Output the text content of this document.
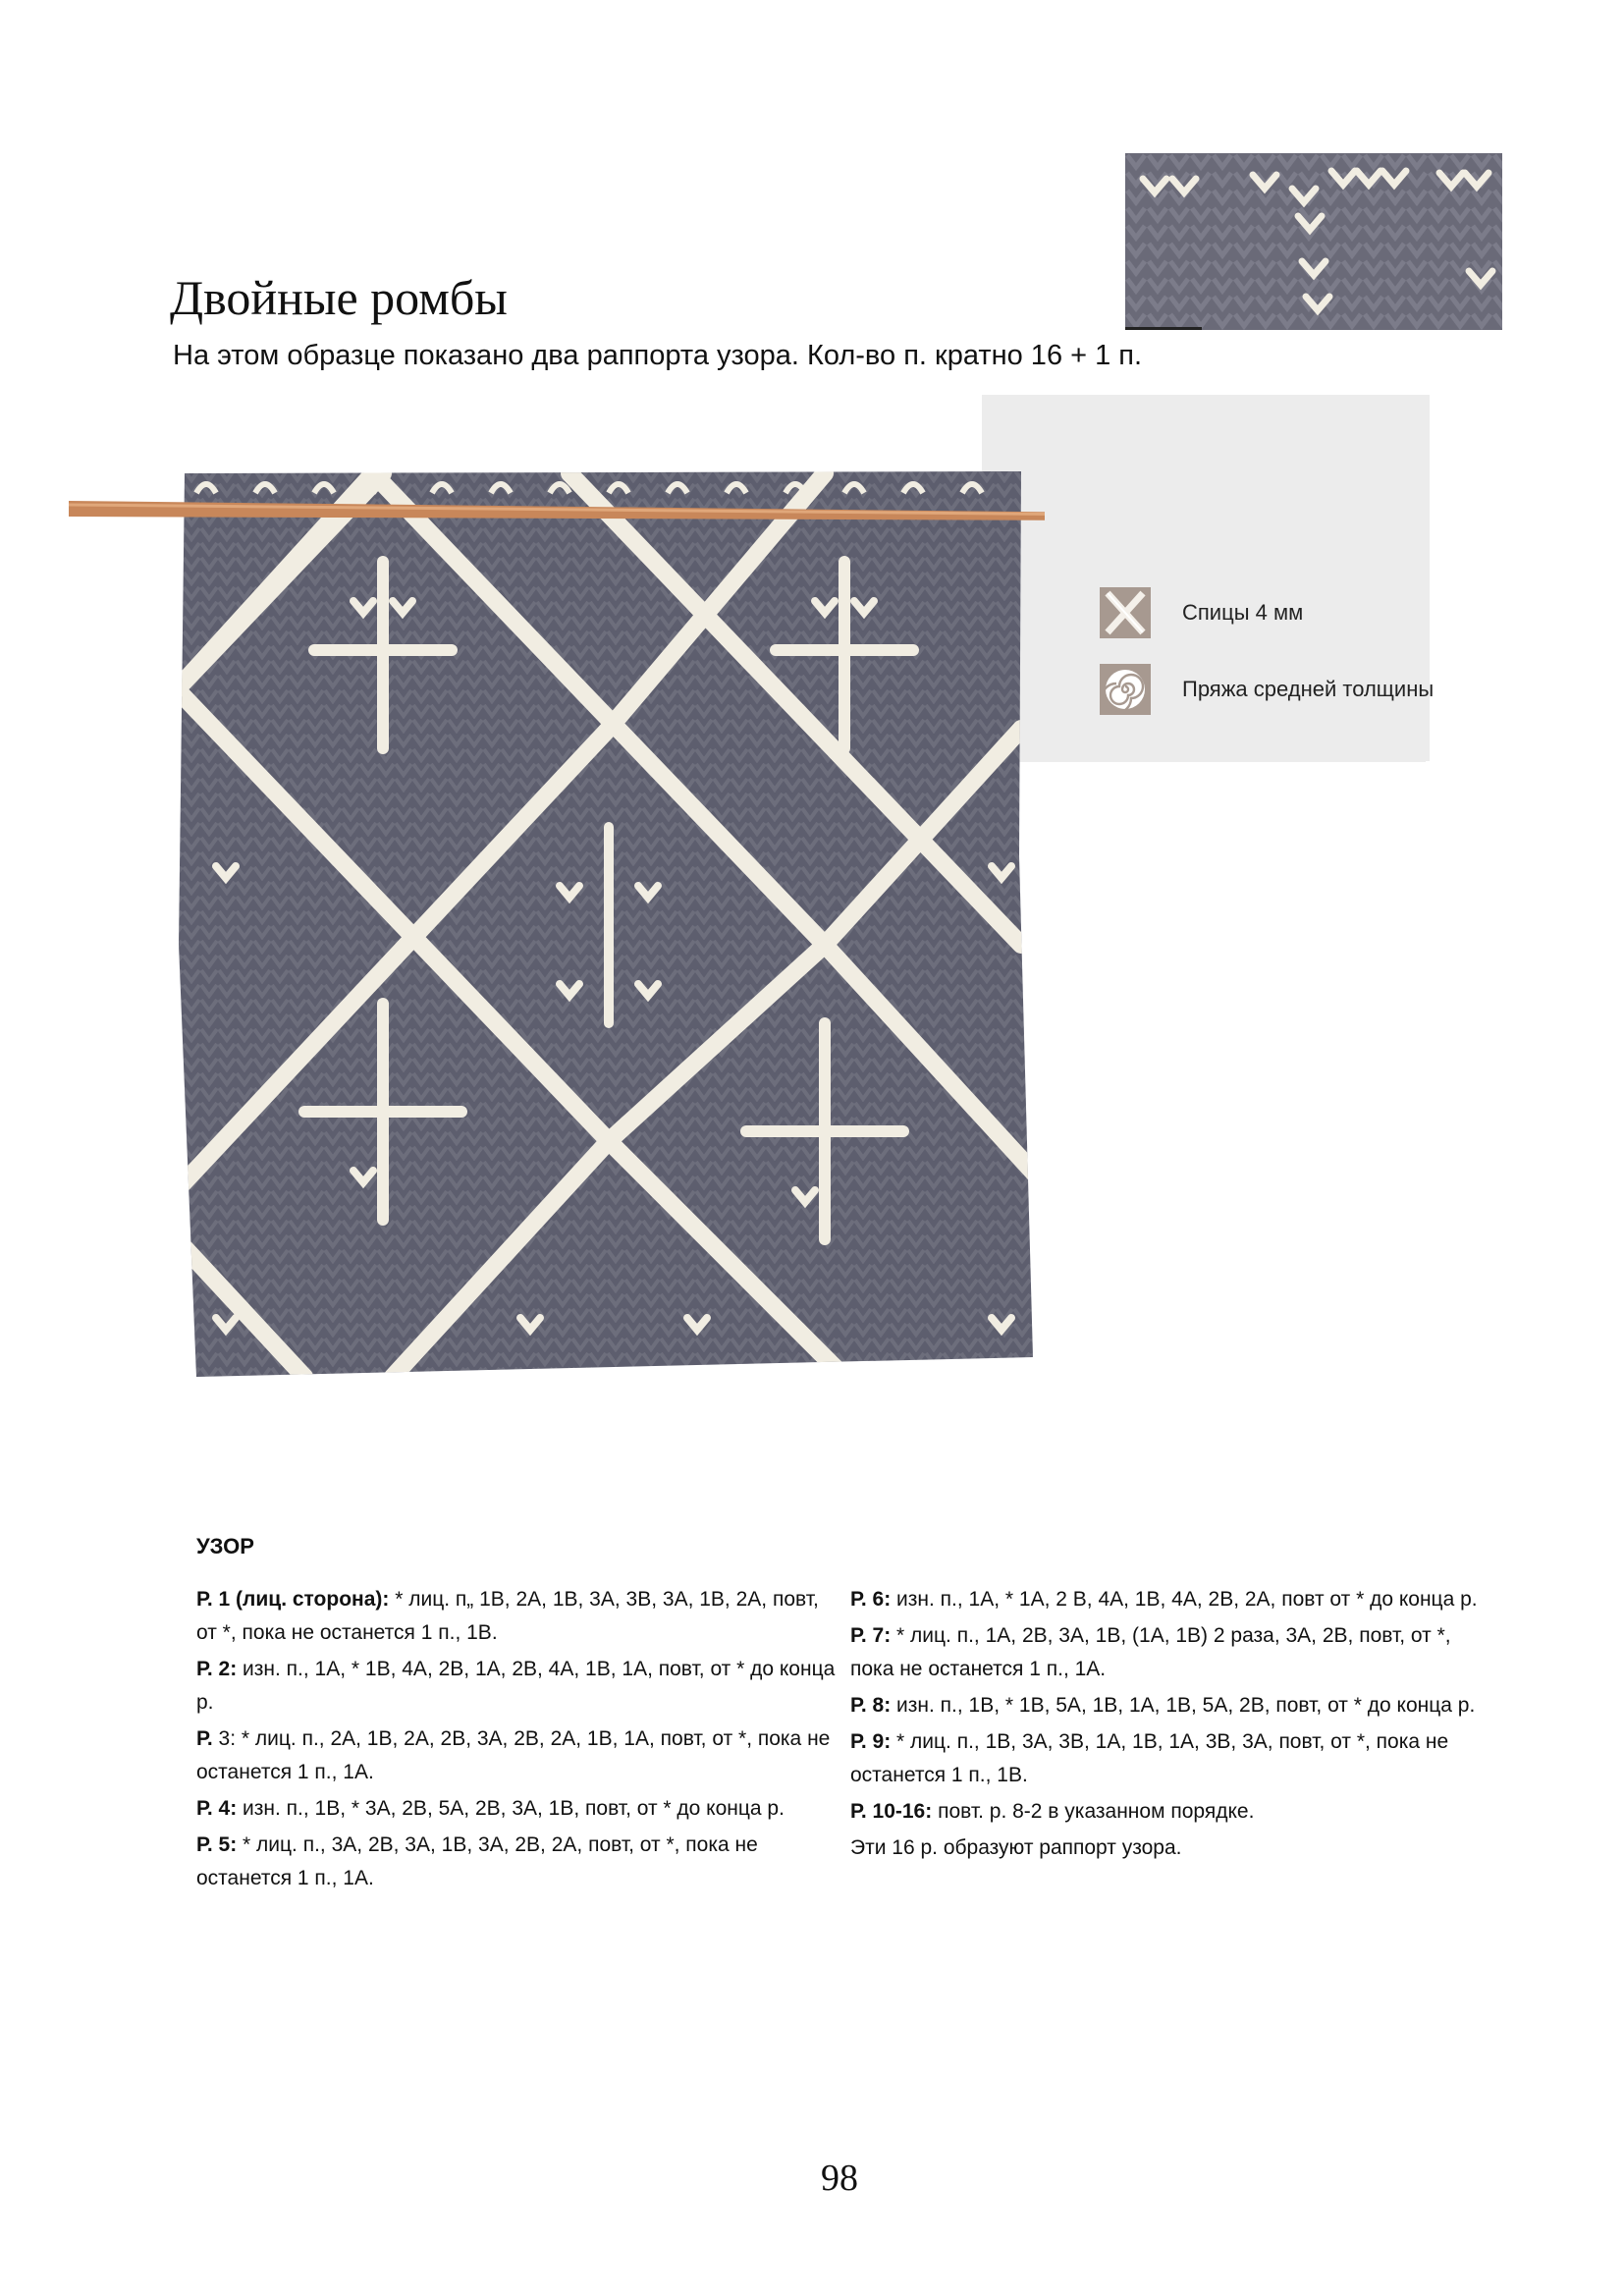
Двойные ромбы
На этом образце показано два раппорта узора. Кол-во п. кратно 16 + 1 п.
Спицы 4 мм
Пряжа средней толщины
УЗОР

Р. 1 (лиц. сторона): * лиц. п„ 1В, 2А, 1В, 3А, 3В, 3А, 1В, 2А, повт, от *, пока не останется 1 п., 1В.

Р. 2: изн. п., 1А, * 1В, 4А, 2В, 1А, 2В, 4А, 1В, 1А, повт, от * до конца р.

Р. 3: * лиц. п., 2А, 1В, 2А, 2В, 3А, 2В, 2А, 1В, 1А, повт, от *, пока не останется 1 п., 1А.

Р. 4: изн. п., 1В, * 3А, 2В, 5А, 2В, 3А, 1В, повт, от * до конца р.

Р. 5: * лиц. п., 3А, 2В, 3А, 1В, 3А, 2В, 2А, повт, от *, пока не останется 1 п., 1А.

Р. 6: изн. п., 1А, * 1А, 2 В, 4А, 1В, 4А, 2В, 2А, повт от * до конца р.

Р. 7: * лиц. п., 1А, 2В, 3А, 1В, (1А, 1В) 2 раза, 3А, 2В, повт, от *, пока не останется 1 п., 1А.

Р. 8: изн. п., 1В, * 1В, 5А, 1В, 1А, 1В, 5А, 2В, повт, от * до конца р.

Р. 9: * лиц. п., 1В, 3А, 3В, 1А, 1В, 1А, 3В, 3А, повт, от *, пока не останется 1 п., 1В.

Р. 10-16: повт. р. 8-2 в указанном порядке.

Эти 16 р. образуют раппорт узора.

98
